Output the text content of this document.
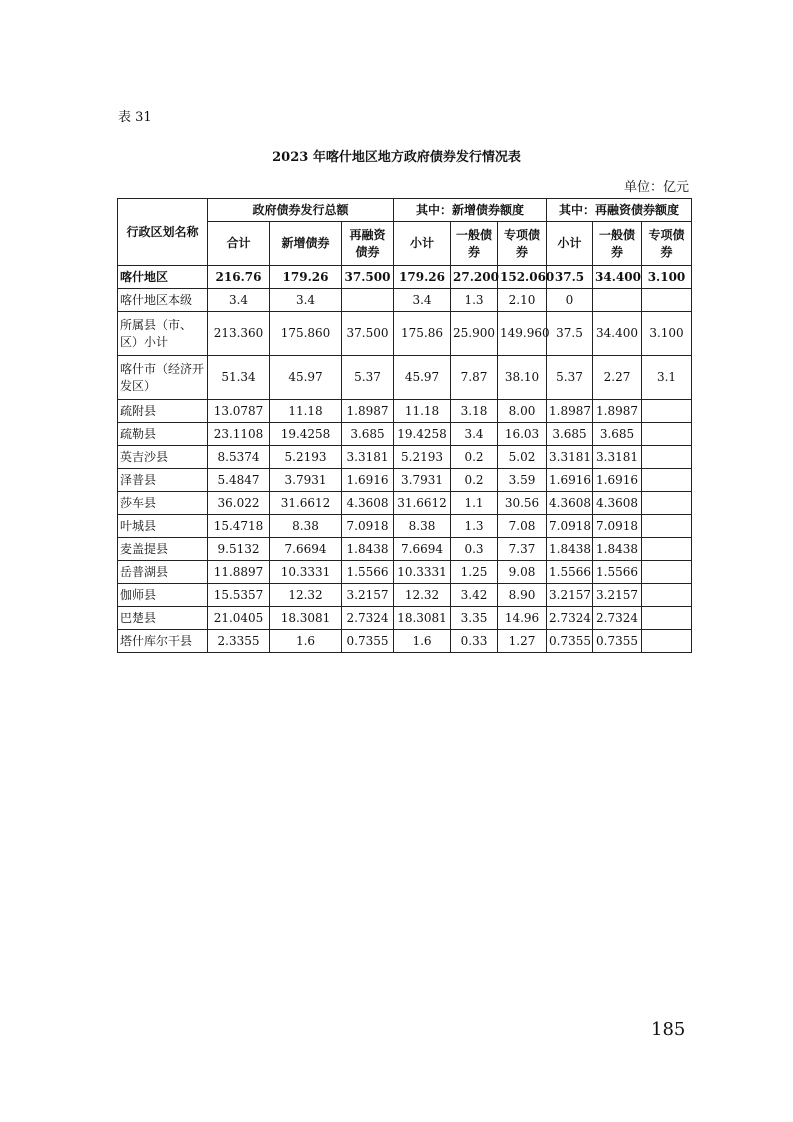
表 31
2023 年喀什地区地方政府债券发行情况表
单位：亿元
行政区划名称	政府债券发行总额			其中：新增债券额度			其中：再融资债券额度		
	合计	新增债券	再融资债券	小计	一般债券	专项债券	小计	一般债券	专项债券
喀什地区	216.76	179.26	37.500	179.26	27.200	152.060	37.5	34.400	3.100
喀什地区本级	3.4	3.4		3.4	1.3	2.10	0		
所属县（市、区）小计	213.360	175.860	37.500	175.86	25.900	149.960	37.5	34.400	3.100
喀什市（经济开发区）	51.34	45.97	5.37	45.97	7.87	38.10	5.37	2.27	3.1
疏附县	13.0787	11.18	1.8987	11.18	3.18	8.00	1.8987	1.8987	
疏勒县	23.1108	19.4258	3.685	19.4258	3.4	16.03	3.685	3.685	
英吉沙县	8.5374	5.2193	3.3181	5.2193	0.2	5.02	3.3181	3.3181	
泽普县	5.4847	3.7931	1.6916	3.7931	0.2	3.59	1.6916	1.6916	
莎车县	36.022	31.6612	4.3608	31.6612	1.1	30.56	4.3608	4.3608	
叶城县	15.4718	8.38	7.0918	8.38	1.3	7.08	7.0918	7.0918	
麦盖提县	9.5132	7.6694	1.8438	7.6694	0.3	7.37	1.8438	1.8438	
岳普湖县	11.8897	10.3331	1.5566	10.3331	1.25	9.08	1.5566	1.5566	
伽师县	15.5357	12.32	3.2157	12.32	3.42	8.90	3.2157	3.2157	
巴楚县	21.0405	18.3081	2.7324	18.3081	3.35	14.96	2.7324	2.7324	
塔什库尔干县	2.3355	1.6	0.7355	1.6	0.33	1.27	0.7355	0.7355	
185
